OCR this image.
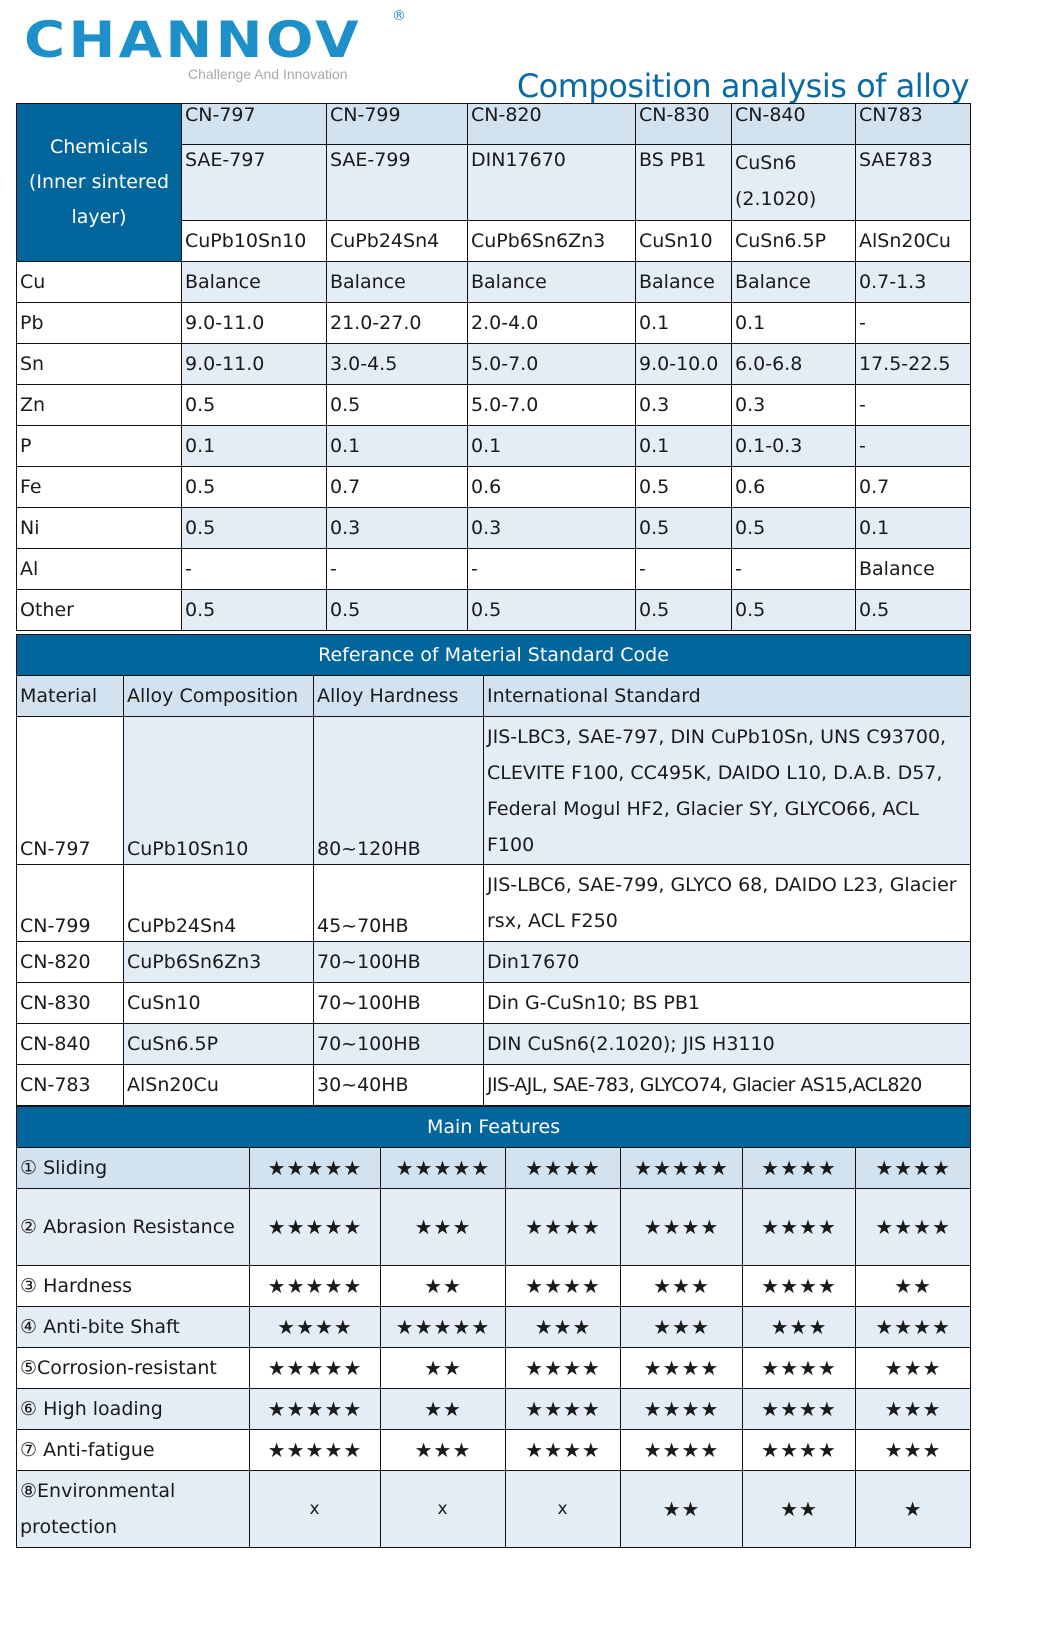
CHANNOV ®
Challenge And Innovation	Composition analysis of alloy
Chemicals (Inner sintered layer)	CN-797	CN-799	CN-820	CN-830	CN-840	CN783
	SAE-797	SAE-799	DIN17670	BS PB1	CuSn6 (2.1020)	SAE783
	CuPb10Sn10	CuPb24Sn4	CuPb6Sn6Zn3	CuSn10	CuSn6.5P	AlSn20Cu
Cu	Balance	Balance	Balance	Balance	Balance	0.7-1.3
Pb	9.0-11.0	21.0-27.0	2.0-4.0	0.1	0.1	-
Sn	9.0-11.0	3.0-4.5	5.0-7.0	9.0-10.0	6.0-6.8	17.5-22.5
Zn	0.5	0.5	5.0-7.0	0.3	0.3	-
P	0.1	0.1	0.1	0.1	0.1-0.3	-
Fe	0.5	0.7	0.6	0.5	0.6	0.7
Ni	0.5	0.3	0.3	0.5	0.5	0.1
Al	-	-	-	-	-	Balance
Other	0.5	0.5	0.5	0.5	0.5	0.5
Referance of Material Standard Code			
Material	Alloy Composition	Alloy Hardness	International Standard
CN-797	CuPb10Sn10	80~120HB	JIS-LBC3, SAE-797, DIN CuPb10Sn, UNS C93700, CLEVITE F100, CC495K, DAIDO L10, D.A.B. D57, Federal Mogul HF2, Glacier SY, GLYCO66, ACL F100
CN-799	CuPb24Sn4	45~70HB	JIS-LBC6, SAE-799, GLYCO 68, DAIDO L23, Glacier rsx, ACL F250
CN-820	CuPb6Sn6Zn3	70~100HB	Din17670
CN-830	CuSn10	70~100HB	Din G-CuSn10; BS PB1
CN-840	CuSn6.5P	70~100HB	DIN CuSn6(2.1020); JIS H3110
CN-783	AlSn20Cu	30~40HB	JIS-AJL, SAE-783, GLYCO74, Glacier AS15,ACL820
Main Features						
① Sliding	★★★★★	★★★★★	★★★★	★★★★★	★★★★	★★★★
② Abrasion Resistance	★★★★★	★★★	★★★★	★★★★	★★★★	★★★★
③ Hardness	★★★★★	★★	★★★★	★★★	★★★★	★★
④ Anti-bite Shaft	★★★★	★★★★★	★★★	★★★	★★★	★★★★
⑤Corrosion-resistant	★★★★★	★★	★★★★	★★★★	★★★★	★★★
⑥ High loading	★★★★★	★★	★★★★	★★★★	★★★★	★★★
⑦ Anti-fatigue	★★★★★	★★★	★★★★	★★★★	★★★★	★★★
⑧Environmental protection	x	x	x	★★	★★	★
